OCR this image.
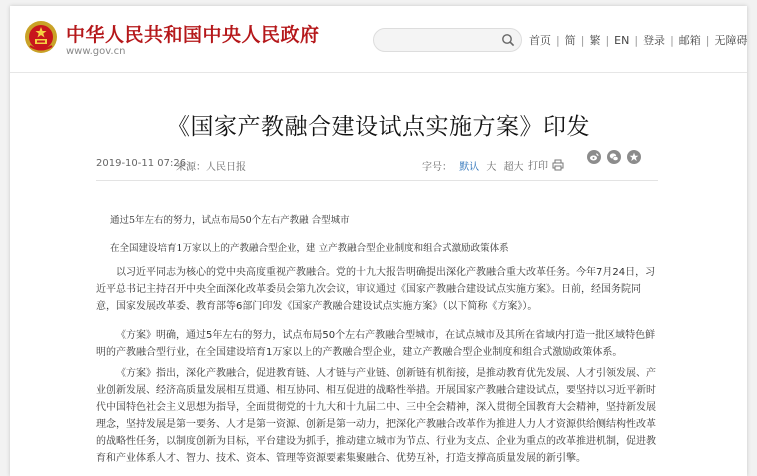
中华人民共和国中央人民政府
www.gov.cn
首页 | 简 | 繁 | EN | 登录 | 邮箱 | 无障碍
《国家产教融合建设试点实施方案》印发
2019-10-11 07:26
来源：人民日报	字号： 默认 大 超大 打印
通过5年左右的努力，试点布局50个左右产教融 合型城市
在全国建设培育1万家以上的产教融合型企业，建 立产教融合型企业制度和组合式激励政策体系

以习近平同志为核心的党中央高度重视产教融合。党的十九大报告明确提出深化产教融合重大改革任务。今年7月24日，习近平总书记主持召开中央全面深化改革委员会第九次会议，审议通过《国家产教融合建设试点实施方案》。日前，经国务院同意，国家发展改革委、教育部等6部门印发《国家产教融合建设试点实施方案》（以下简称《方案》）。

《方案》明确，通过5年左右的努力，试点布局50个左右产教融合型城市，在试点城市及其所在省域内打造一批区域特色鲜明的产教融合型行业，在全国建设培育1万家以上的产教融合型企业，建立产教融合型企业制度和组合式激励政策体系。

《方案》指出，深化产教融合，促进教育链、人才链与产业链、创新链有机衔接，是推动教育优先发展、人才引领发展、产业创新发展、经济高质量发展相互贯通、相互协同、相互促进的战略性举措。开展国家产教融合建设试点，要坚持以习近平新时代中国特色社会主义思想为指导，全面贯彻党的十九大和十九届二中、三中全会精神，深入贯彻全国教育大会精神，坚持新发展理念，坚持发展是第一要务、人才是第一资源、创新是第一动力，把深化产教融合改革作为推进人力人才资源供给侧结构性改革的战略性任务，以制度创新为目标，平台建设为抓手，推动建立城市为节点、行业为支点、企业为重点的改革推进机制，促进教育和产业体系人才、智力、技术、资本、管理等资源要素集聚融合、优势互补，打造支撑高质量发展的新引擎。
